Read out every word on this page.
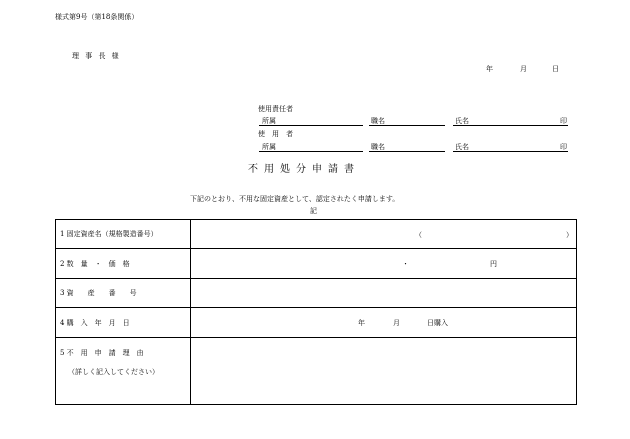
様式第9号（第18条関係）
理 事 長 様
年	月	日
使用責任者
所属	職名	氏名	印
使　用　者
所属	職名	氏名	印
不用処分申請書
下記のとおり、不用な固定資産として、認定されたく申請します。
記
1 固定資産名（規格製造番号）	（ ）

2 数　量　・　価　格	・ 円

3 資　　産　　番　　号	
4 購　入　年　月　日	年 月 日購入

5 不　用　申　請　理　由
（詳しく記入してください）	
